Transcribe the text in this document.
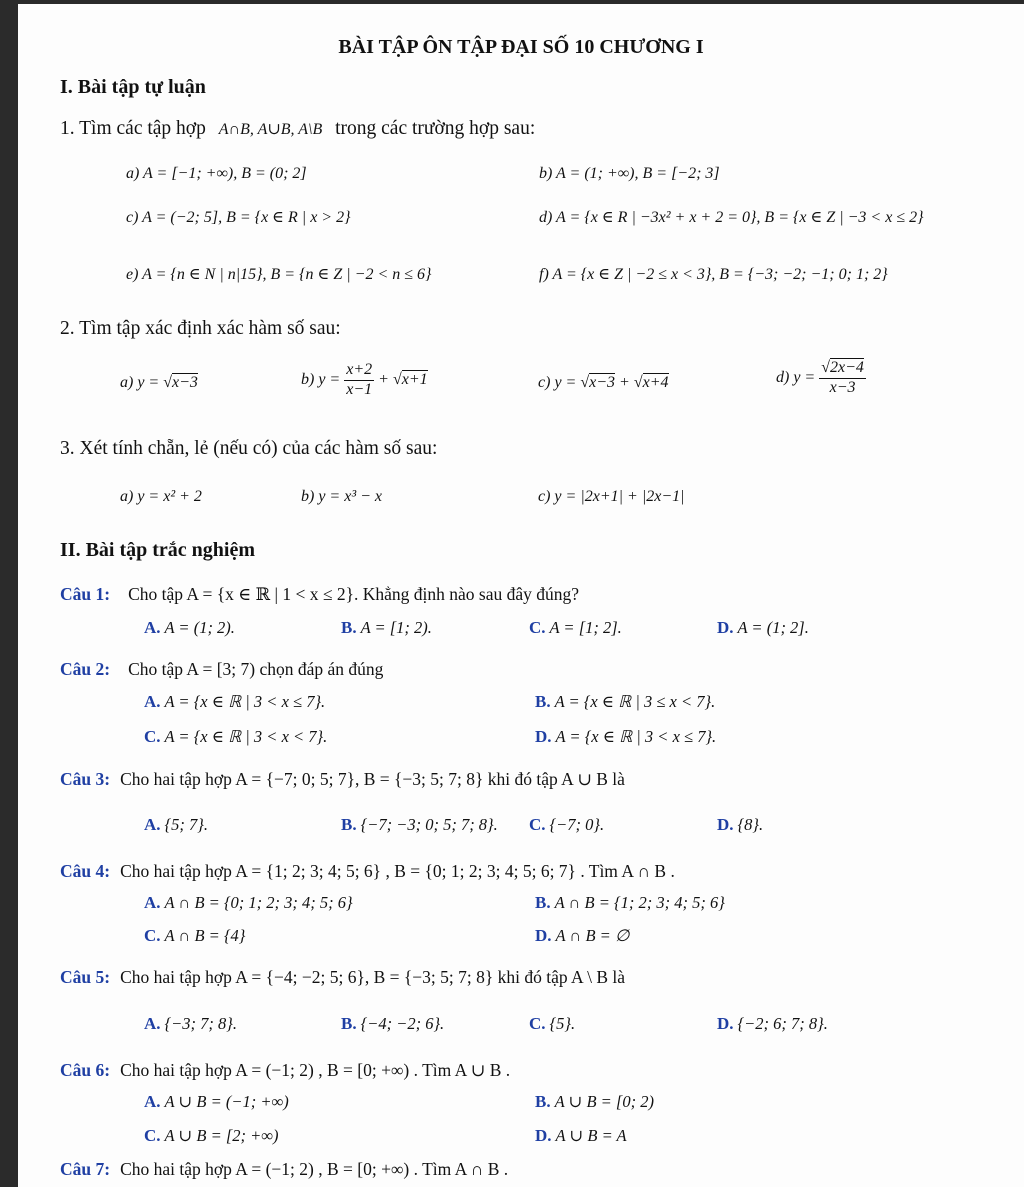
BÀI TẬP ÔN TẬP ĐẠI SỐ 10 CHƯƠNG I
I. Bài tập tự luận
1. Tìm các tập hợp A∩B, A∪B, A\B trong các trường hợp sau:
a) A = [−1; +∞), B = (0; 2]	b) A = (1; +∞), B = [−2; 3]
c) A = (−2; 5], B = {x ∈ R | x > 2}	d) A = {x ∈ R | −3x² + x + 2 = 0}, B = {x ∈ Z | −3 < x ≤ 2}
e) A = {n ∈ N | n|15}, B = {n ∈ Z | −2 < n ≤ 6}	f) A = {x ∈ Z | −2 ≤ x < 3}, B = {−3; −2; −1; 0; 1; 2}
2. Tìm tập xác định xác hàm số sau:
a) y = √x−3	b) $y = \frac{x+2}{x-1} + √x+1$	c) y = √x−3 + √x+4	d) $y = \frac{√2x-4}{x-3}$
3. Xét tính chẵn, lẻ (nếu có) của các hàm số sau:
a) y = x² + 2	b) y = x³ − x	c) y = |2x+1| + |2x−1|
II. Bài tập trắc nghiệm
Câu 1: Cho tập A = {x ∈ ℝ | 1 < x ≤ 2}. Khẳng định nào sau đây đúng?
A. A = (1; 2).	B. A = [1; 2).	C. A = [1; 2].	D. A = (1; 2].
Câu 2: Cho tập A = [3; 7) chọn đáp án đúng
A. A = {x ∈ ℝ | 3 < x ≤ 7}.	B. A = {x ∈ ℝ | 3 ≤ x < 7}.
C. A = {x ∈ ℝ | 3 < x < 7}.	D. A = {x ∈ ℝ | 3 < x ≤ 7}.
Câu 3: Cho hai tập hợp A = {−7; 0; 5; 7}, B = {−3; 5; 7; 8} khi đó tập A ∪ B là
A. {5; 7}.	B. {−7; −3; 0; 5; 7; 8}. C. {−7; 0}.	D. {8}.
Câu 4: Cho hai tập hợp A = {1; 2; 3; 4; 5; 6} , B = {0; 1; 2; 3; 4; 5; 6; 7} . Tìm A ∩ B .
A. A ∩ B = {0; 1; 2; 3; 4; 5; 6}	B. A ∩ B = {1; 2; 3; 4; 5; 6}
C. A ∩ B = {4}	D. A ∩ B = ∅
Câu 5: Cho hai tập hợp A = {−4; −2; 5; 6}, B = {−3; 5; 7; 8} khi đó tập A \ B là
A. {−3; 7; 8}.	B. {−4; −2; 6}.	C. {5}.	D. {−2; 6; 7; 8}.
Câu 6: Cho hai tập hợp A = (−1; 2) , B = [0; +∞) . Tìm A ∪ B .
A. A ∪ B = (−1; +∞)	B. A ∪ B = [0; 2)
C. A ∪ B = [2; +∞)	D. A ∪ B = A
Câu 7: Cho hai tập hợp A = (−1; 2) , B = [0; +∞) . Tìm A ∩ B .
